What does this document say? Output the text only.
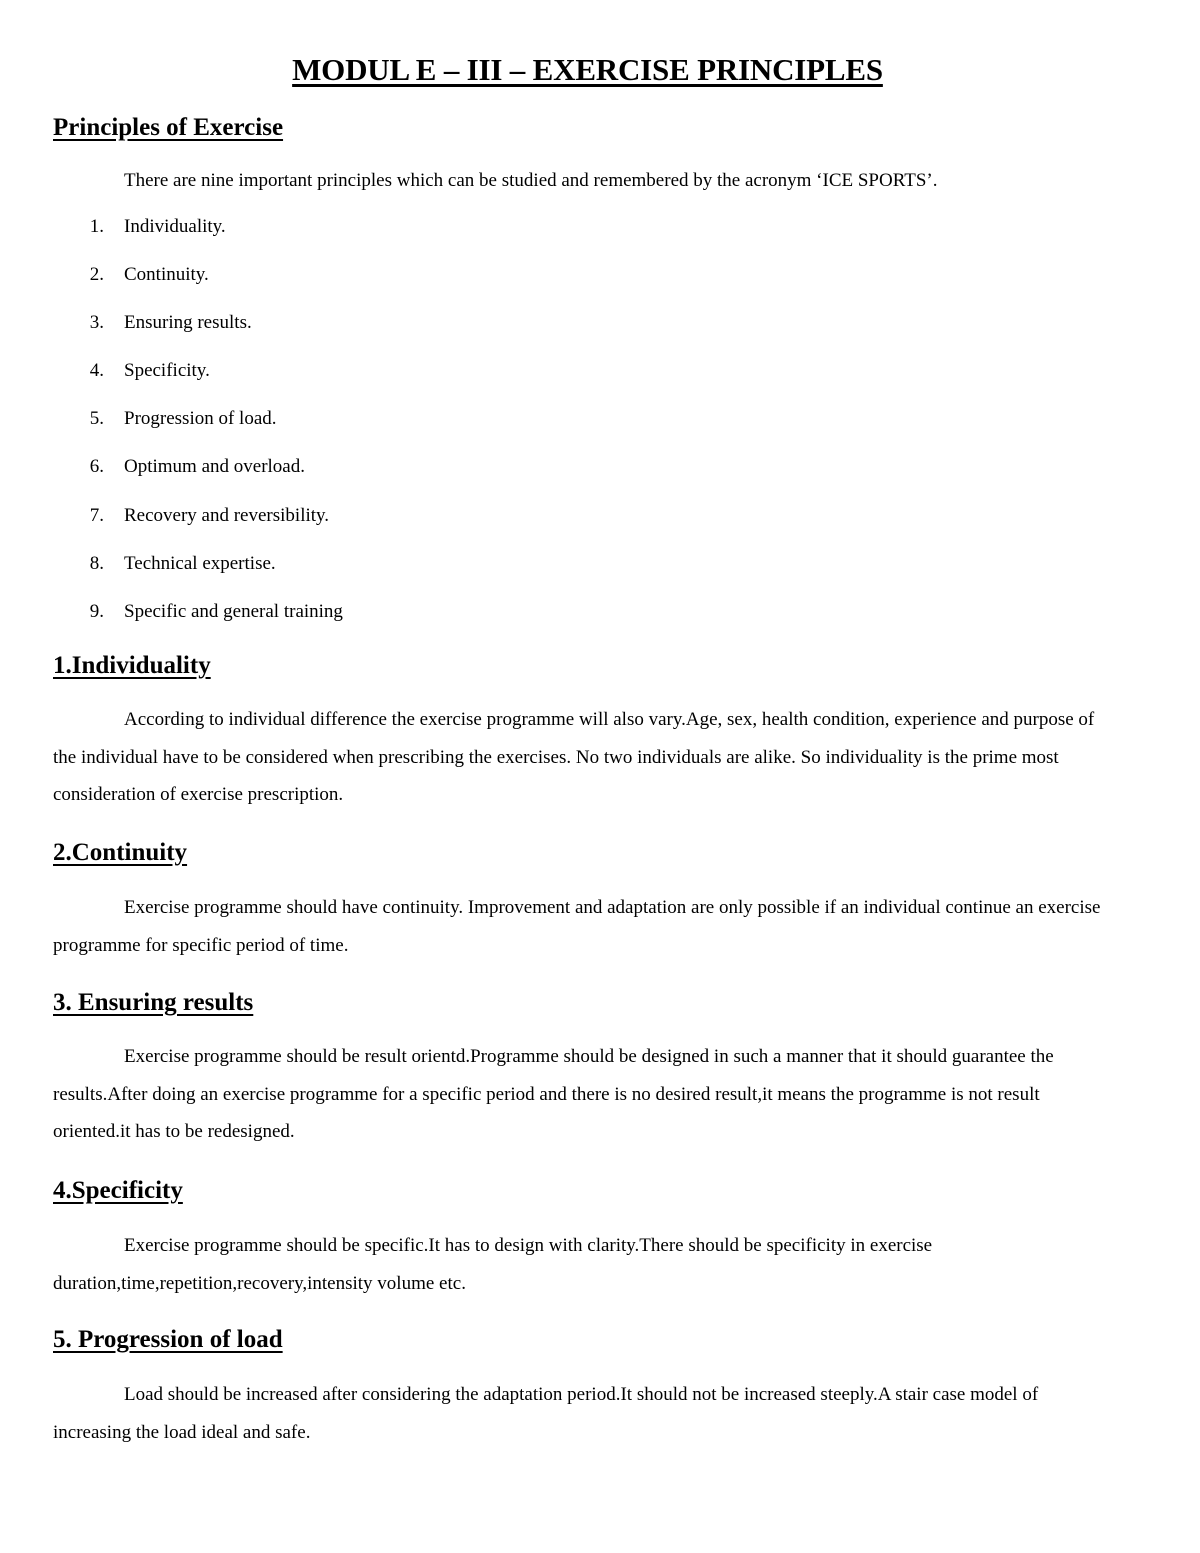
MODUL E – III – EXERCISE PRINCIPLES
Principles of Exercise

There are nine important principles which can be studied and remembered by the acronym ‘ICE SPORTS’.

1. Individuality.
2. Continuity.
3. Ensuring results.
4. Specificity.
5. Progression of load.
6. Optimum and overload.
7. Recovery and reversibility.
8. Technical expertise.
9. Specific and general training
1.Individuality

According to individual difference the exercise programme will also vary.Age, sex, health condition, experience and purpose of the individual have to be considered when prescribing the exercises. No two individuals are alike. So individuality is the prime most consideration of exercise prescription.

2.Continuity

Exercise programme should have continuity. Improvement and adaptation are only possible if an individual continue an exercise programme for specific period of time.

3. Ensuring results

Exercise programme should be result orientd.Programme should be designed in such a manner that it should guarantee the results.After doing an exercise programme for a specific period and there is no desired result,it means the programme is not result oriented.it has to be redesigned.

4.Specificity

Exercise programme should be specific.It has to design with clarity.There should be specificity in exercise duration,time,repetition,recovery,intensity volume etc.

5. Progression of load

Load should be increased after considering the adaptation period.It should not be increased steeply.A stair case model of increasing the load ideal and safe.
